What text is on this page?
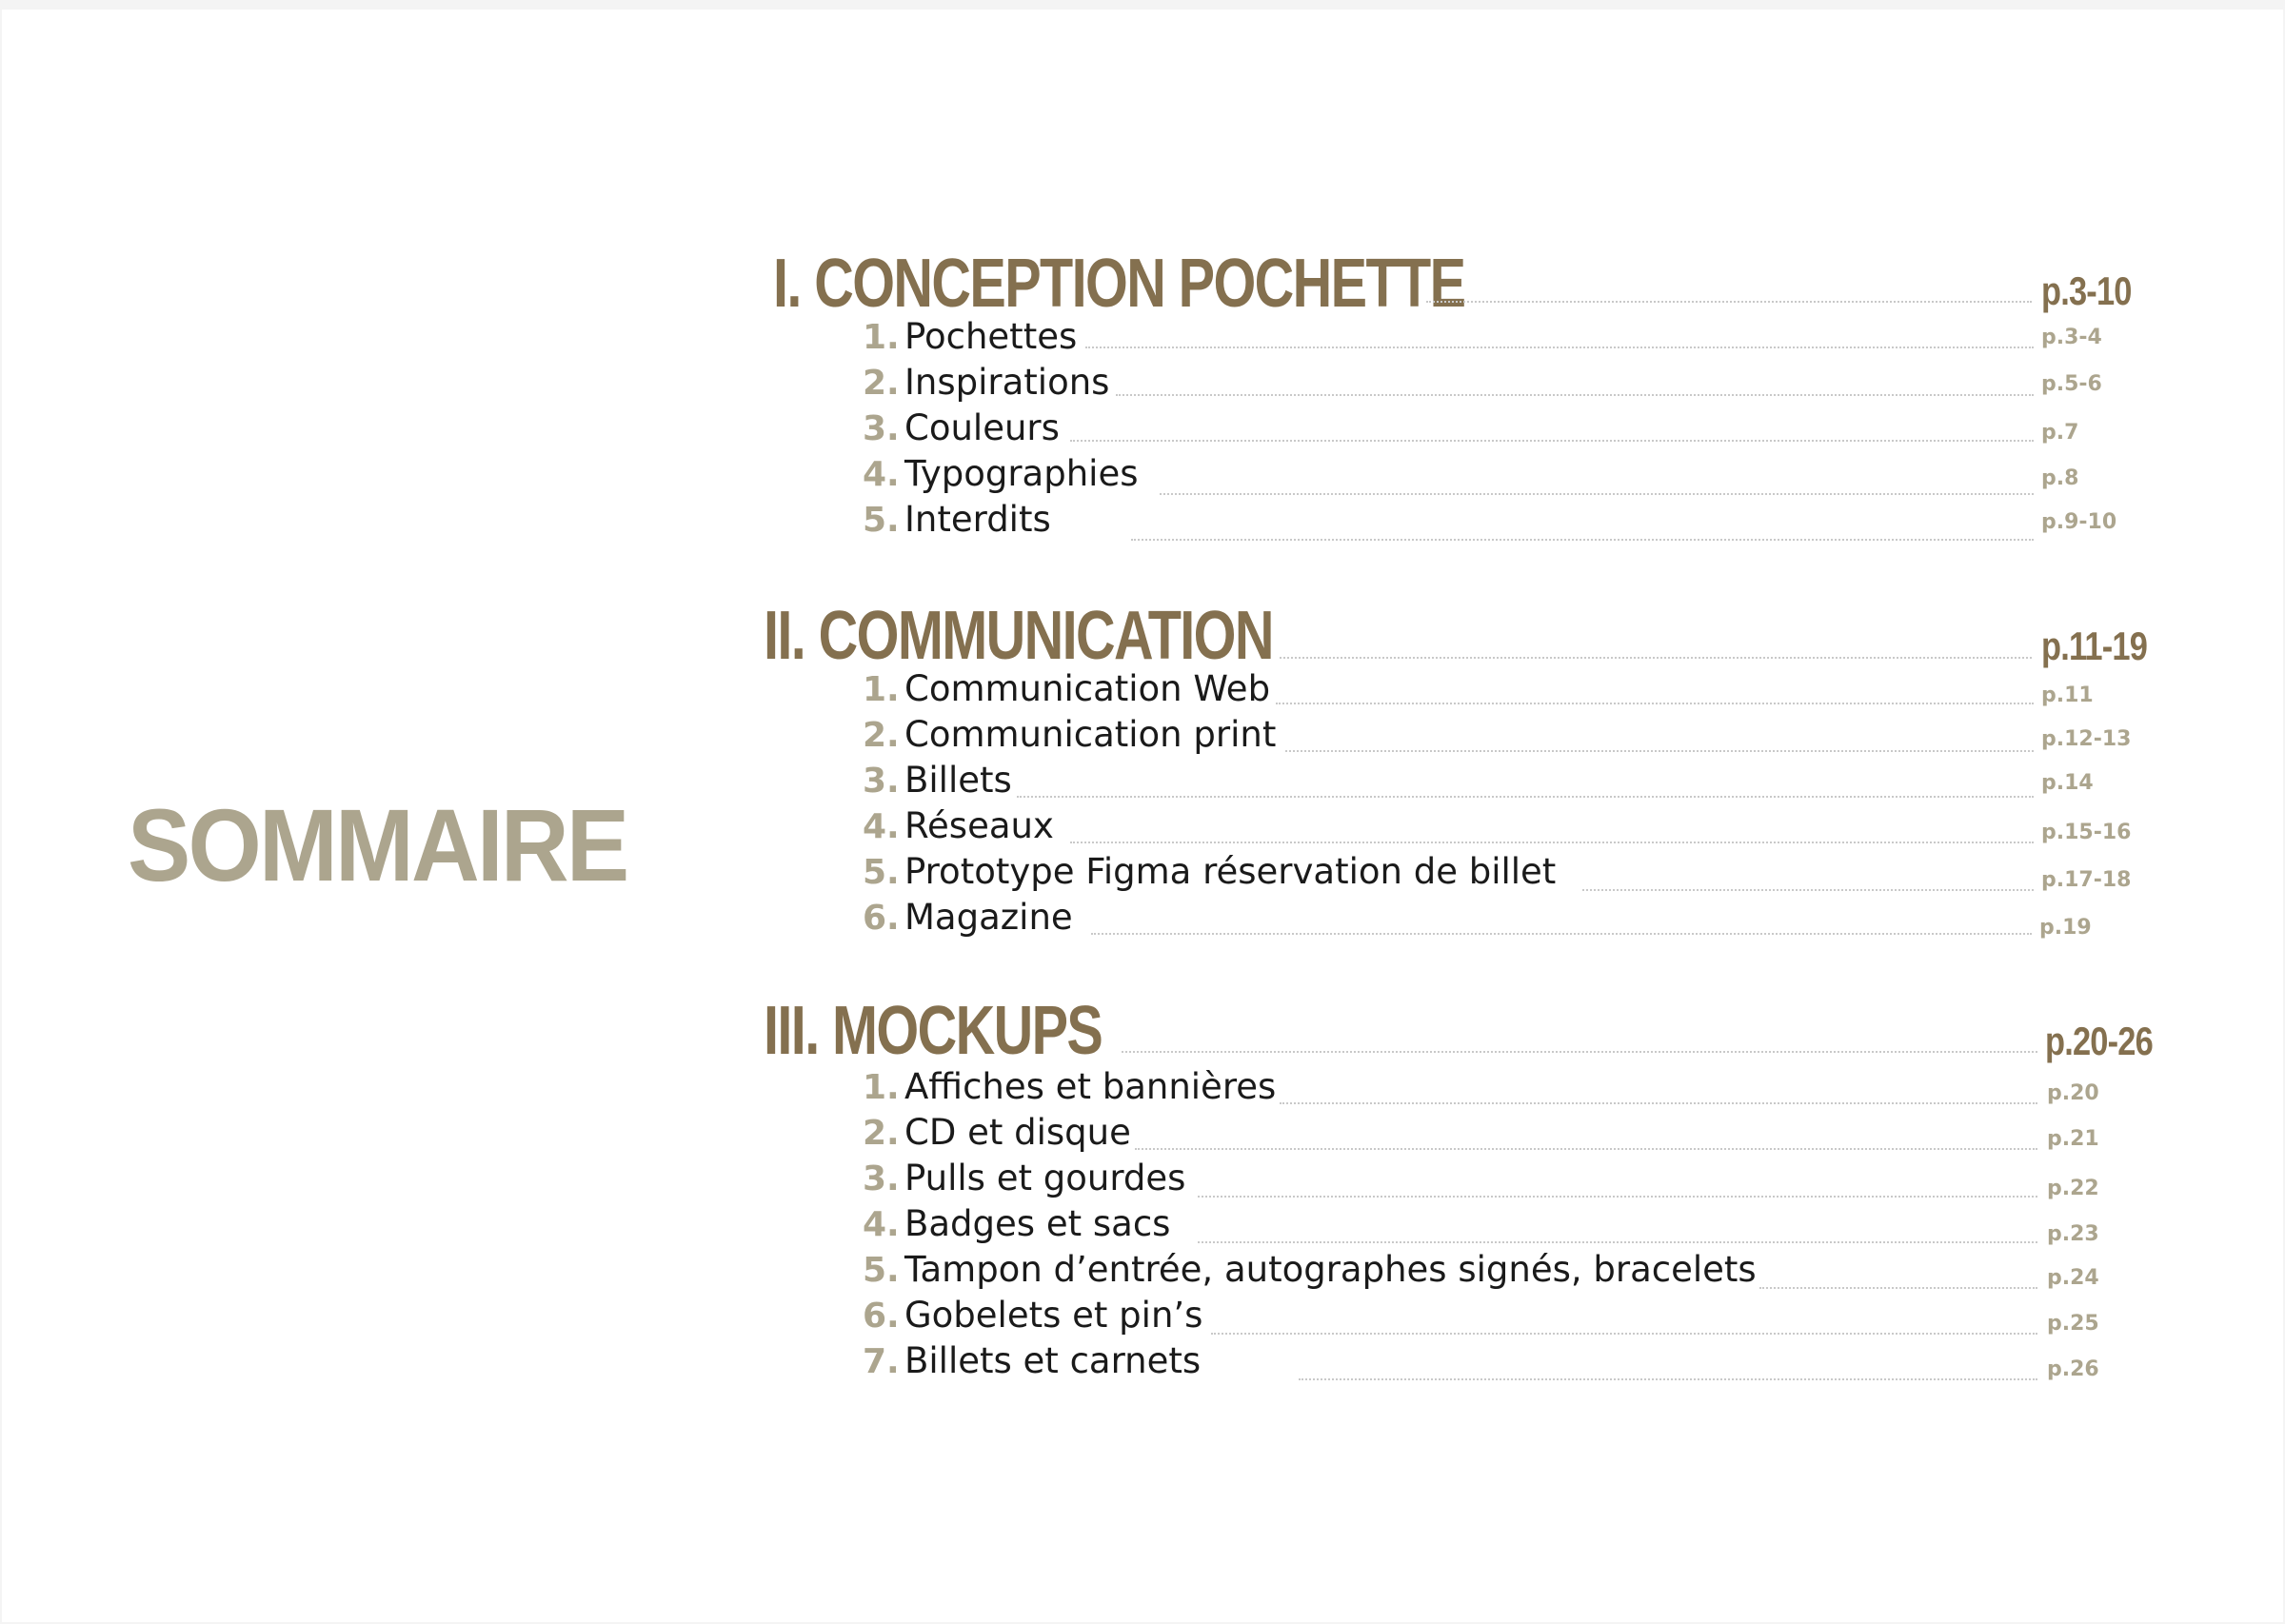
SOMMAIRE
I. CONCEPTION POCHETTE	p.3-10
1. Pochettes	p.3-4
2. Inspirations	p.5-6
3. Couleurs	p.7
4. Typographies	p.8
5. Interdits	p.9-10
II. COMMUNICATION	p.11-19
1. Communication Web	p.11
2. Communication print	p.12-13
3. Billets	p.14
4. Réseaux	p.15-16
5. Prototype Figma réservation de billet	p.17-18
6. Magazine	p.19
III. MOCKUPS	p.20-26
1. Affiches et bannières	p.20
2. CD et disque	p.21
3. Pulls et gourdes	p.22
4. Badges et sacs	p.23
5. Tampon d’entrée, autographes signés, bracelets	p.24
6. Gobelets et pin’s	p.25
7. Billets et carnets	p.26
